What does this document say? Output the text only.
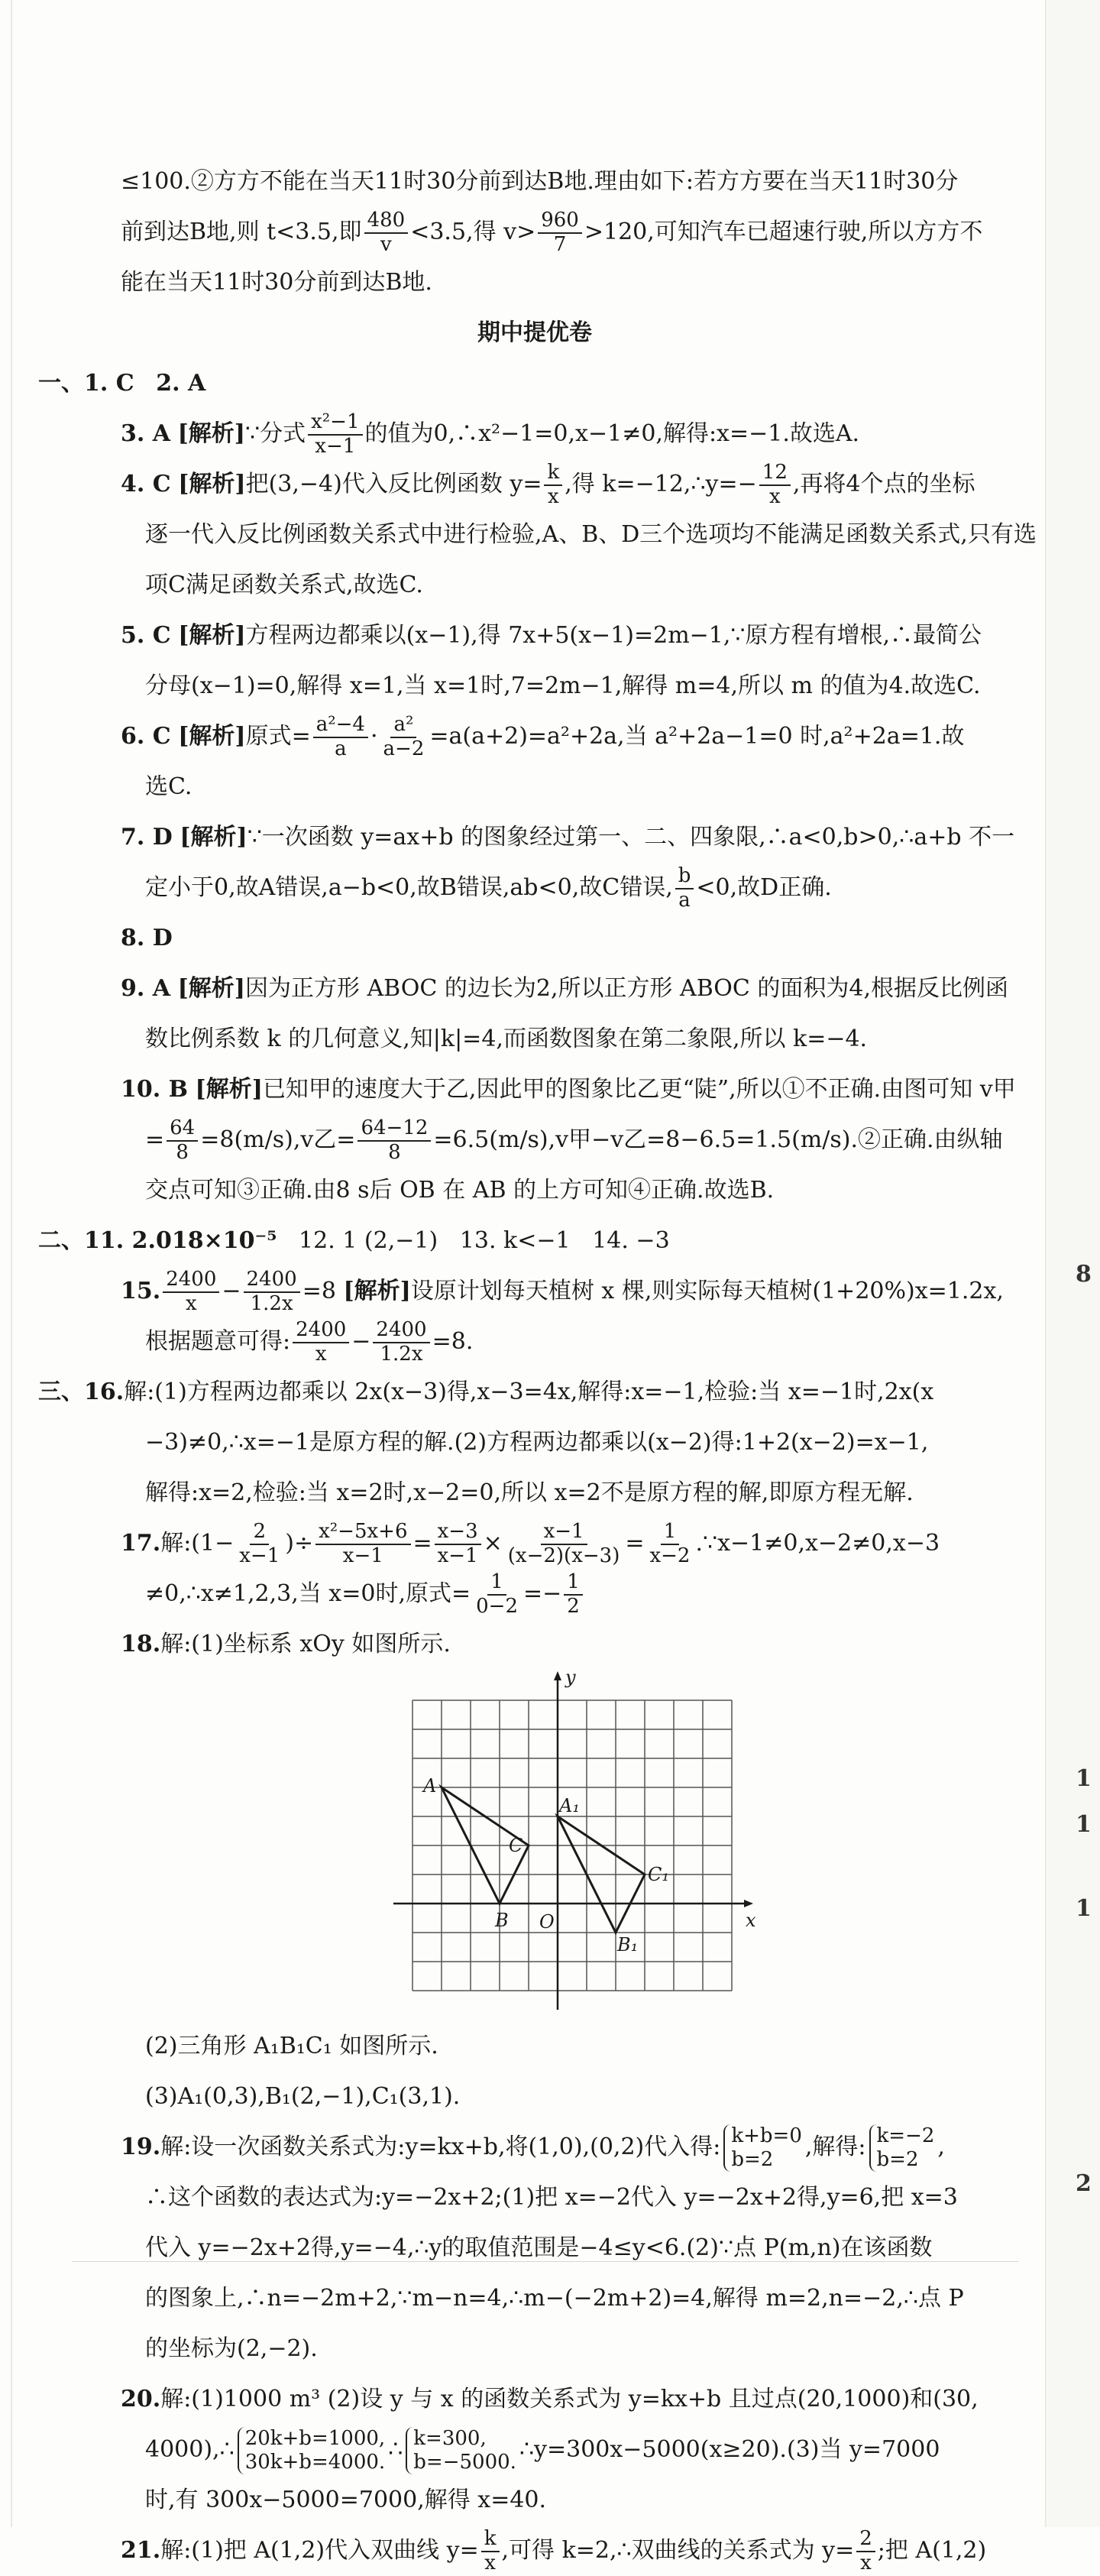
8
1
1
1
2
≤100.②方方不能在当天11时30分前到达B地.理由如下:若方方要在当天11时30分
前到达B地,则 t<3.5,即 $\frac{480}{v} <3.5$,得 $v> \frac{960}{7} >120$,可知汽车已超速行驶,所以方方不
能在当天11时30分前到达B地.
期中提优卷
一、1. C 2. A
3. A [解析]∵分式 $\frac{\text{x²−1}}{x-1}$ 的值为0,∴x²−1=0,x−1≠0,解得:x=−1.故选A.
4. C [解析]把(3,−4)代入反比例函数 $y= \frac{k}{x}$ ,得 k=−12,∴y=− $\frac{12}{x}$ ,再将4个点的坐标
逐一代入反比例函数关系式中进行检验,A、B、D三个选项均不能满足函数关系式,只有选
项C满足函数关系式,故选C.
5. C [解析]方程两边都乘以(x−1),得 7x+5(x−1)=2m−1,∵原方程有增根,∴最简公
分母(x−1)=0,解得 x=1,当 x=1时,7=2m−1,解得 m=4,所以 m 的值为4.故选C.
6. C [解析]原式= $\frac{\text{a²−4}}{a} \cdot \frac{\text{a²}}{a-2} =a(a+2)=a^2+2a$,当 a²+2a−1=0 时,a²+2a=1.故
选C.
7. D [解析]∵一次函数 y=ax+b 的图象经过第一、二、四象限,∴a<0,b>0,∴a+b 不一
定小于0,故A错误,a−b<0,故B错误,ab<0,故C错误, $\frac{b}{a} <0$,故D正确.
8. D
9. A [解析]因为正方形 ABOC 的边长为2,所以正方形 ABOC 的面积为4,根据反比例函
数比例系数 k 的几何意义,知|k|=4,而函数图象在第二象限,所以 k=−4.
10. B [解析]已知甲的速度大于乙,因此甲的图象比乙更“陡”,所以①不正确.由图可知 v甲
= $\frac{64}{8} =8(m/s),v$乙= $\frac{64-12}{8} =6.5(m/s),v$甲−v乙=8−6.5=1.5(m/s).②正确.由纵轴
交点可知③正确.由8 s后 OB 在 AB 的上方可知④正确.故选B.
二、11. 2.018×10⁻⁵ 12. 1 (2,−1) 13. k<−1 14. −3
15. $\frac{2400}{x} - \frac{2400}{1.2x} =8$ [解析]设原计划每天植树 x 棵,则实际每天植树(1+20%)x=1.2x,
根据题意可得: $\frac{2400}{x} - \frac{2400}{1.2x} =8$.
三、16.解:(1)方程两边都乘以 2x(x−3)得,x−3=4x,解得:x=−1,检验:当 x=−1时,2x(x
−3)≠0,∴x=−1是原方程的解.(2)方程两边都乘以(x−2)得:1+2(x−2)=x−1,
解得:x=2,检验:当 x=2时,x−2=0,所以 x=2不是原方程的解,即原方程无解.
17.解:(1− $\frac{2}{x-1}$ )÷ $\frac{\text{x²−5x+6}}{x-1} = \frac{x-3}{x-1} \times \frac{x-1}{(x-2)(x-3)} = \frac{1}{x-2}$ .∵x−1≠0,x−2≠0,x−3
≠0,∴x≠1,2,3,当 x=0时,原式= $\frac{1}{0-2} =- \frac{1}{2}$
18.解:(1)坐标系 xOy 如图所示.
y
x
O
A
B
C
A₁
B₁
C₁
(2)三角形 A₁B₁C₁ 如图所示.
(3)A₁(0,3),B₁(2,−1),C₁(3,1).
19.解:设一次函数关系式为:y=kx+b,将(1,0),(0,2)代入得: k+b=0
b=2	,解得: k=−2
b=2 ,
∴这个函数的表达式为:y=−2x+2;(1)把 x=−2代入 y=−2x+2得,y=6,把 x=3
代入 y=−2x+2得,y=−4,∴y的取值范围是−4≤y<6.(2)∵点 P(m,n)在该函数
的图象上,∴n=−2m+2,∵m−n=4,∴m−(−2m+2)=4,解得 m=2,n=−2,∴点 P
的坐标为(2,−2).
20.解:(1)1000 m³ (2)设 y 与 x 的函数关系式为 y=kx+b 且过点(20,1000)和(30,
4000),∴ 20k+b=1000,
30k+b=4000. ∴ k=300,
b=−5000. ∴y=300x−5000(x≥20).(3)当 y=7000
时,有 300x−5000=7000,解得 x=40.
21.解:(1)把 A(1,2)代入双曲线 $y= \frac{k}{x}$ ,可得 k=2,∴双曲线的关系式为 $y= \frac{2}{x}$ ;把 A(1,2)
